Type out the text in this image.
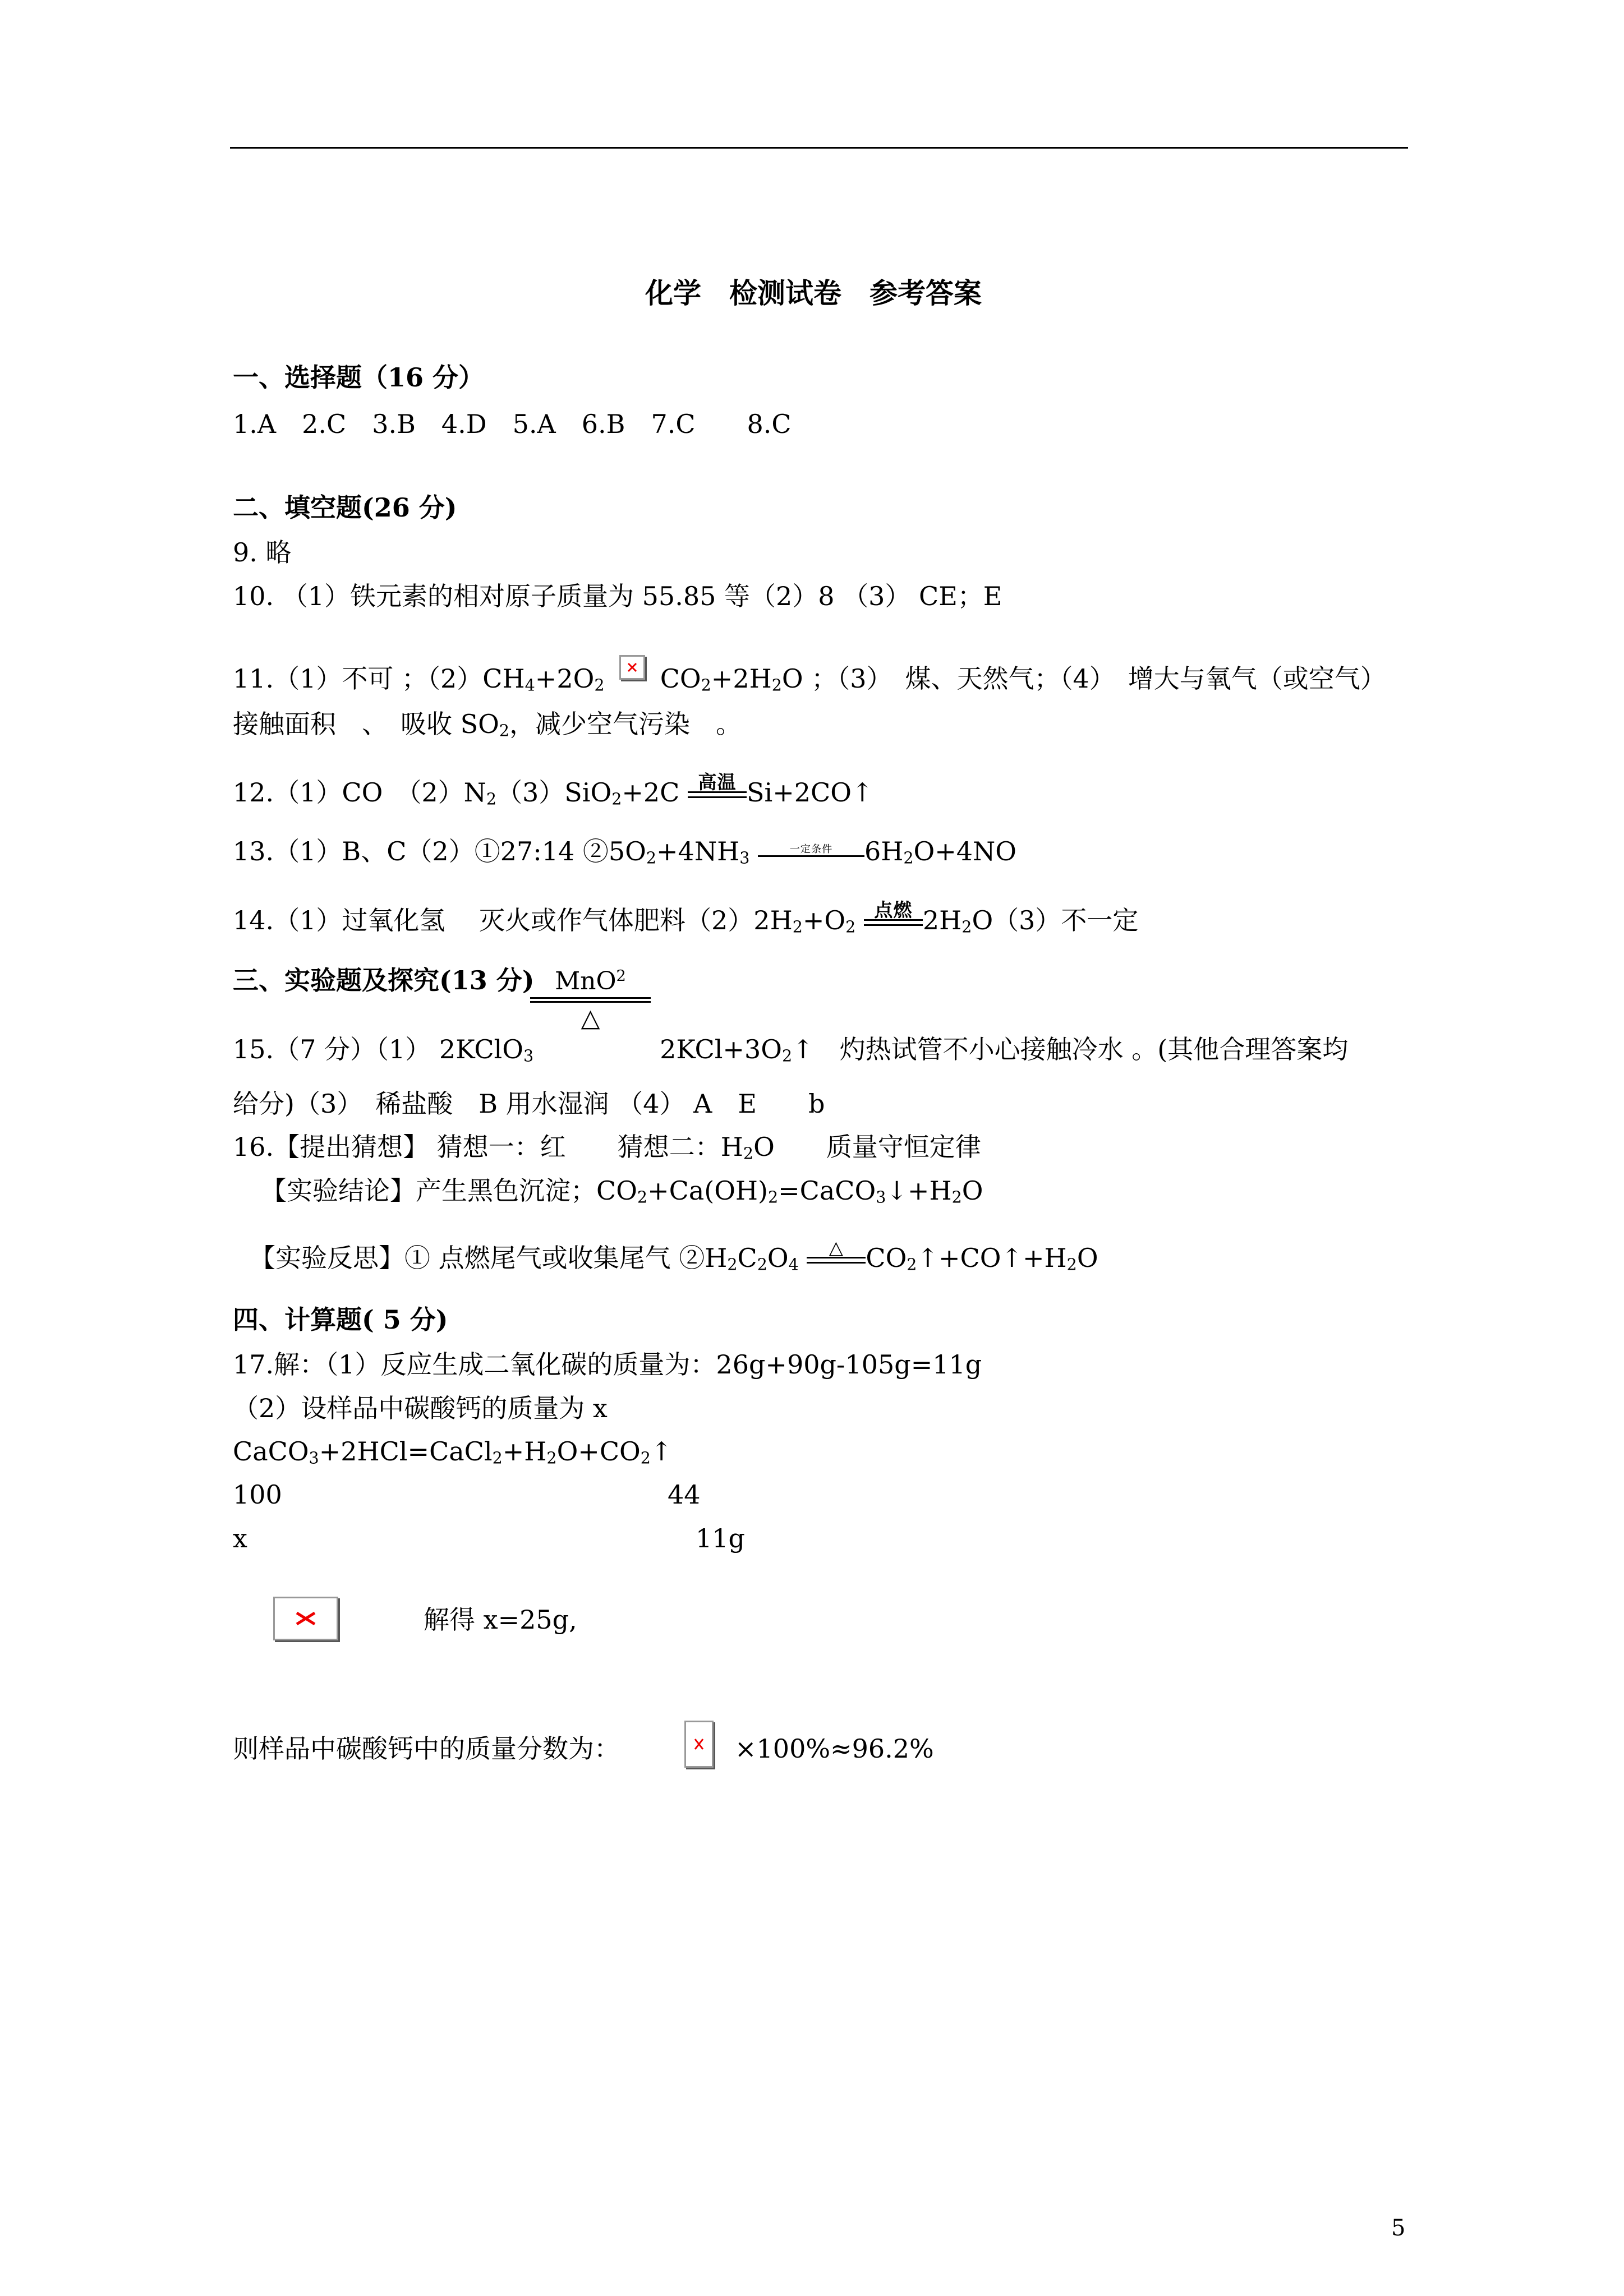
化学　检测试卷　参考答案
一、选择题（16 分）
1.A　2.C　3.B　4.D　5.A　6.B　7.C　　8.C
二、填空题(26 分)
9. 略
10. （1）铁元素的相对原子质量为 55.85 等（2）8 （3） CE；E
11.（1）不可 ；$(2)CH_4+2O_2$ $CO_2+2H_2O$ ；（3）　煤、天然气；（4）　增大与氧气（或空气）
接触面积　、　吸收 $SO_2$，减少空气污染　。
12.（1）CO　$(2)N_2(3)SiO_2+2C$ 高温 Si+2CO ↑
13.（1）B、C（2）①27:14 $②5O_2+4NH_3$	一定条件	$6H_2O+4NO$
14.（1）过氧化氢　 灭火或作气体肥料$(2)2H_2+O_2$
点燃 $2H_2O(3)$不一定
三、实验题及探究(13 分) MnO$^2$
△
15.（7 分）（1） 2KClO$_3$	$2KCl+3O_2$ ↑　灼热试管不小心接触冷水 。(其他合理答案均
给分)（3）　稀盐酸　B 用水湿润 （4） A　E　　b
16.【提出猜想】 猜想一：红　　猜想二：$H_2O$　　质量守恒定律
【实验结论】产生黑色沉淀；$CO_2+Ca(OH)_2=CaCO_3$ ↓ $+H_2O$
【实验反思】① 点燃尾气或收集尾气 $②H_2C_2O_4$
△ $CO_2$ ↑ +CO ↑ $+H_2O$
四、计算题( 5 分)
17.解：（1）反应生成二氧化碳的质量为：26g+90g-105g=11g
（2）设样品中碳酸钙的质量为 x
$CaCO_3+2HCl=CaCl_2+H_2O+CO_2$ ↑
100	44
x	11g
解得 x=25g,
则样品中碳酸钙中的质量分数为：	×100%≈96.2%
5
